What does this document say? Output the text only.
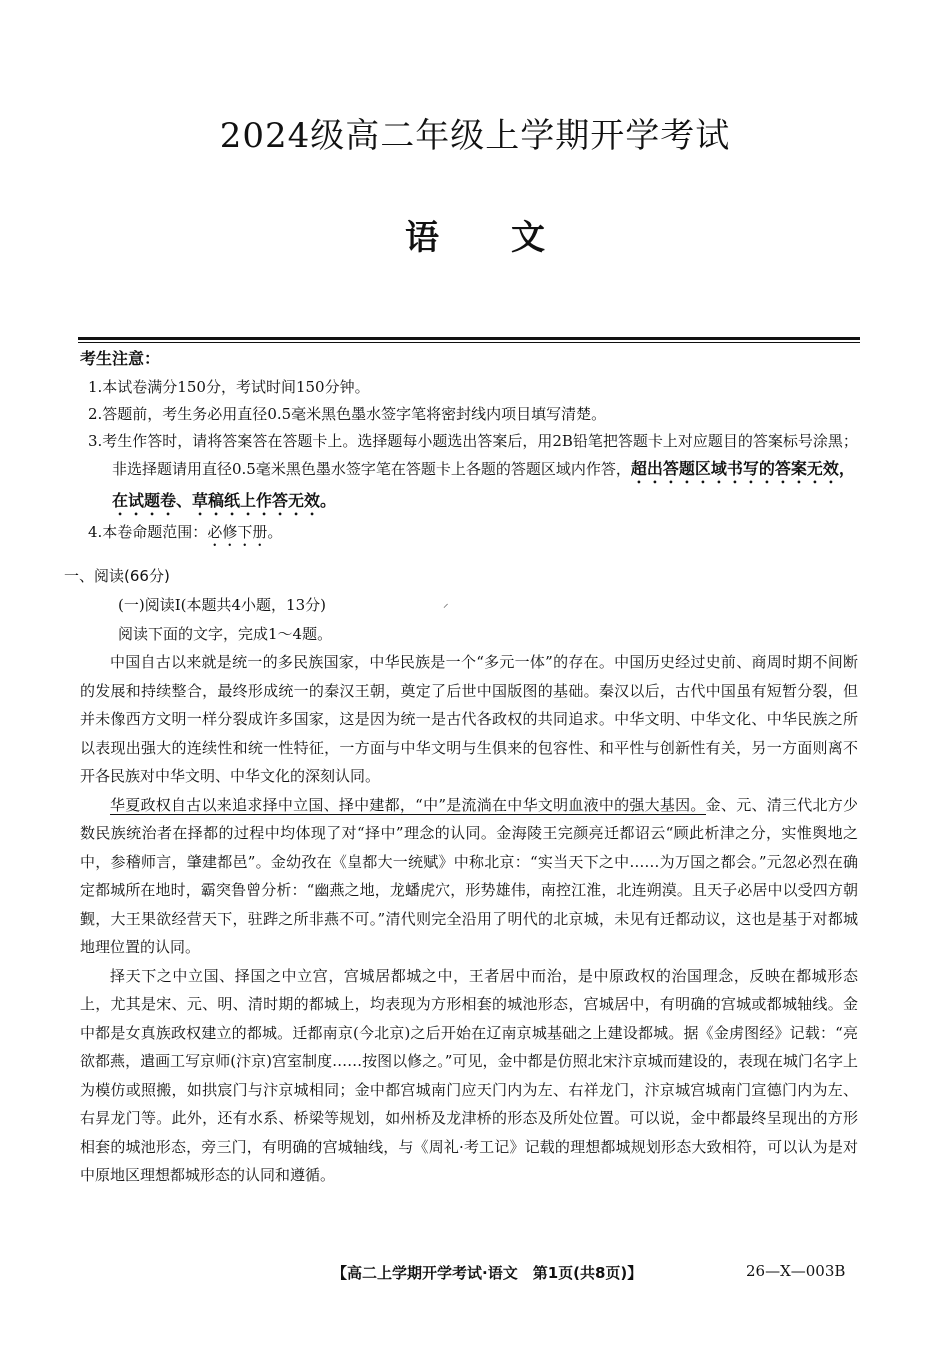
2024级高二年级上学期开学考试
语 文
考生注意：
1.本试卷满分150分，考试时间150分钟。
2.答题前，考生务必用直径0.5毫米黑色墨水签字笔将密封线内项目填写清楚。
3.考生作答时，请将答案答在答题卡上。选择题每小题选出答案后，用2B铅笔把答题卡上对应题目的答案标号涂黑；非选择题请用直径0.5毫米黑色墨水签字笔在答题卡上各题的答题区域内作答，超出答题区域书写的答案无效，在试题卷、草稿纸上作答无效。
4.本卷命题范围：必修下册。
一、阅读(66分)
(一)阅读Ⅰ(本题共4小题，13分)	⸝
阅读下面的文字，完成1～4题。

中国自古以来就是统一的多民族国家，中华民族是一个“多元一体”的存在。中国历史经过史前、商周时期不间断的发展和持续整合，最终形成统一的秦汉王朝，奠定了后世中国版图的基础。秦汉以后，古代中国虽有短暂分裂，但并未像西方文明一样分裂成许多国家，这是因为统一是古代各政权的共同追求。中华文明、中华文化、中华民族之所以表现出强大的连续性和统一性特征，一方面与中华文明与生俱来的包容性、和平性与创新性有关，另一方面则离不开各民族对中华文明、中华文化的深刻认同。

华夏政权自古以来追求择中立国、择中建都，“中”是流淌在中华文明血液中的强大基因。金、元、清三代北方少数民族统治者在择都的过程中均体现了对“择中”理念的认同。金海陵王完颜亮迁都诏云“顾此析津之分，实惟舆地之中，参稽师言，肇建都邑”。金幼孜在《皇都大一统赋》中称北京：“实当天下之中……为万国之都会。”元忽必烈在确定都城所在地时，霸突鲁曾分析：“幽燕之地，龙蟠虎穴，形势雄伟，南控江淮，北连朔漠。且天子必居中以受四方朝觐，大王果欲经营天下，驻跸之所非燕不可。”清代则完全沿用了明代的北京城，未见有迁都动议，这也是基于对都城地理位置的认同。

择天下之中立国、择国之中立宫，宫城居都城之中，王者居中而治，是中原政权的治国理念，反映在都城形态上，尤其是宋、元、明、清时期的都城上，均表现为方形相套的城池形态，宫城居中，有明确的宫城或都城轴线。金中都是女真族政权建立的都城。迁都南京(今北京)之后开始在辽南京城基础之上建设都城。据《金虏图经》记载：“亮欲都燕，遣画工写京师(汴京)宫室制度……按图以修之。”可见，金中都是仿照北宋汴京城而建设的，表现在城门名字上为模仿或照搬，如拱宸门与汴京城相同；金中都宫城南门应天门内为左、右祥龙门，汴京城宫城南门宣德门内为左、右昇龙门等。此外，还有水系、桥梁等规划，如州桥及龙津桥的形态及所处位置。可以说，金中都最终呈现出的方形相套的城池形态，旁三门，有明确的宫城轴线，与《周礼·考工记》记载的理想都城规划形态大致相符，可以认为是对中原地区理想都城形态的认同和遵循。

【高二上学期开学考试·语文　第1页(共8页)】	26—X—003B
